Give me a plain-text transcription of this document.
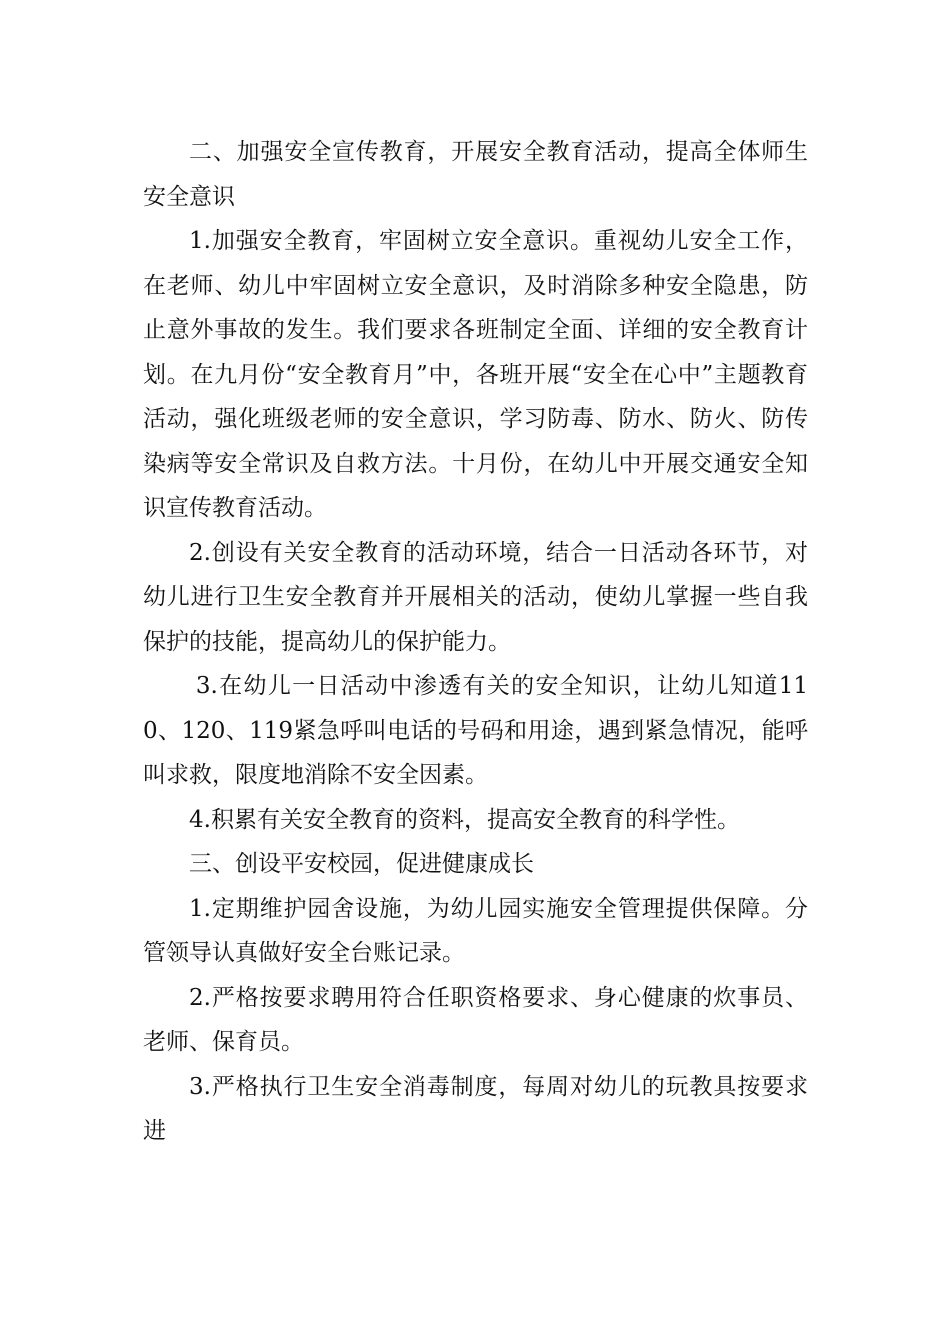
二、加强安全宣传教育，开展安全教育活动，提高全体师生安全意识

1.加强安全教育，牢固树立安全意识。重视幼儿安全工作，在老师、幼儿中牢固树立安全意识，及时消除多种安全隐患，防止意外事故的发生。我们要求各班制定全面、详细的安全教育计划。在九月份“安全教育月”中，各班开展“安全在心中”主题教育活动，强化班级老师的安全意识，学习防毒、防水、防火、防传染病等安全常识及自救方法。十月份，在幼儿中开展交通安全知识宣传教育活动。

2.创设有关安全教育的活动环境，结合一日活动各环节，对幼儿进行卫生安全教育并开展相关的活动，使幼儿掌握一些自我保护的技能，提高幼儿的保护能力。

3.在幼儿一日活动中渗透有关的安全知识，让幼儿知道110、120、119紧急呼叫电话的号码和用途，遇到紧急情况，能呼叫求救，限度地消除不安全因素。

4.积累有关安全教育的资料，提高安全教育的科学性。

三、创设平安校园，促进健康成长

1.定期维护园舍设施，为幼儿园实施安全管理提供保障。分管领导认真做好安全台账记录。

2.严格按要求聘用符合任职资格要求、身心健康的炊事员、老师、保育员。

3.严格执行卫生安全消毒制度，每周对幼儿的玩教具按要求进
